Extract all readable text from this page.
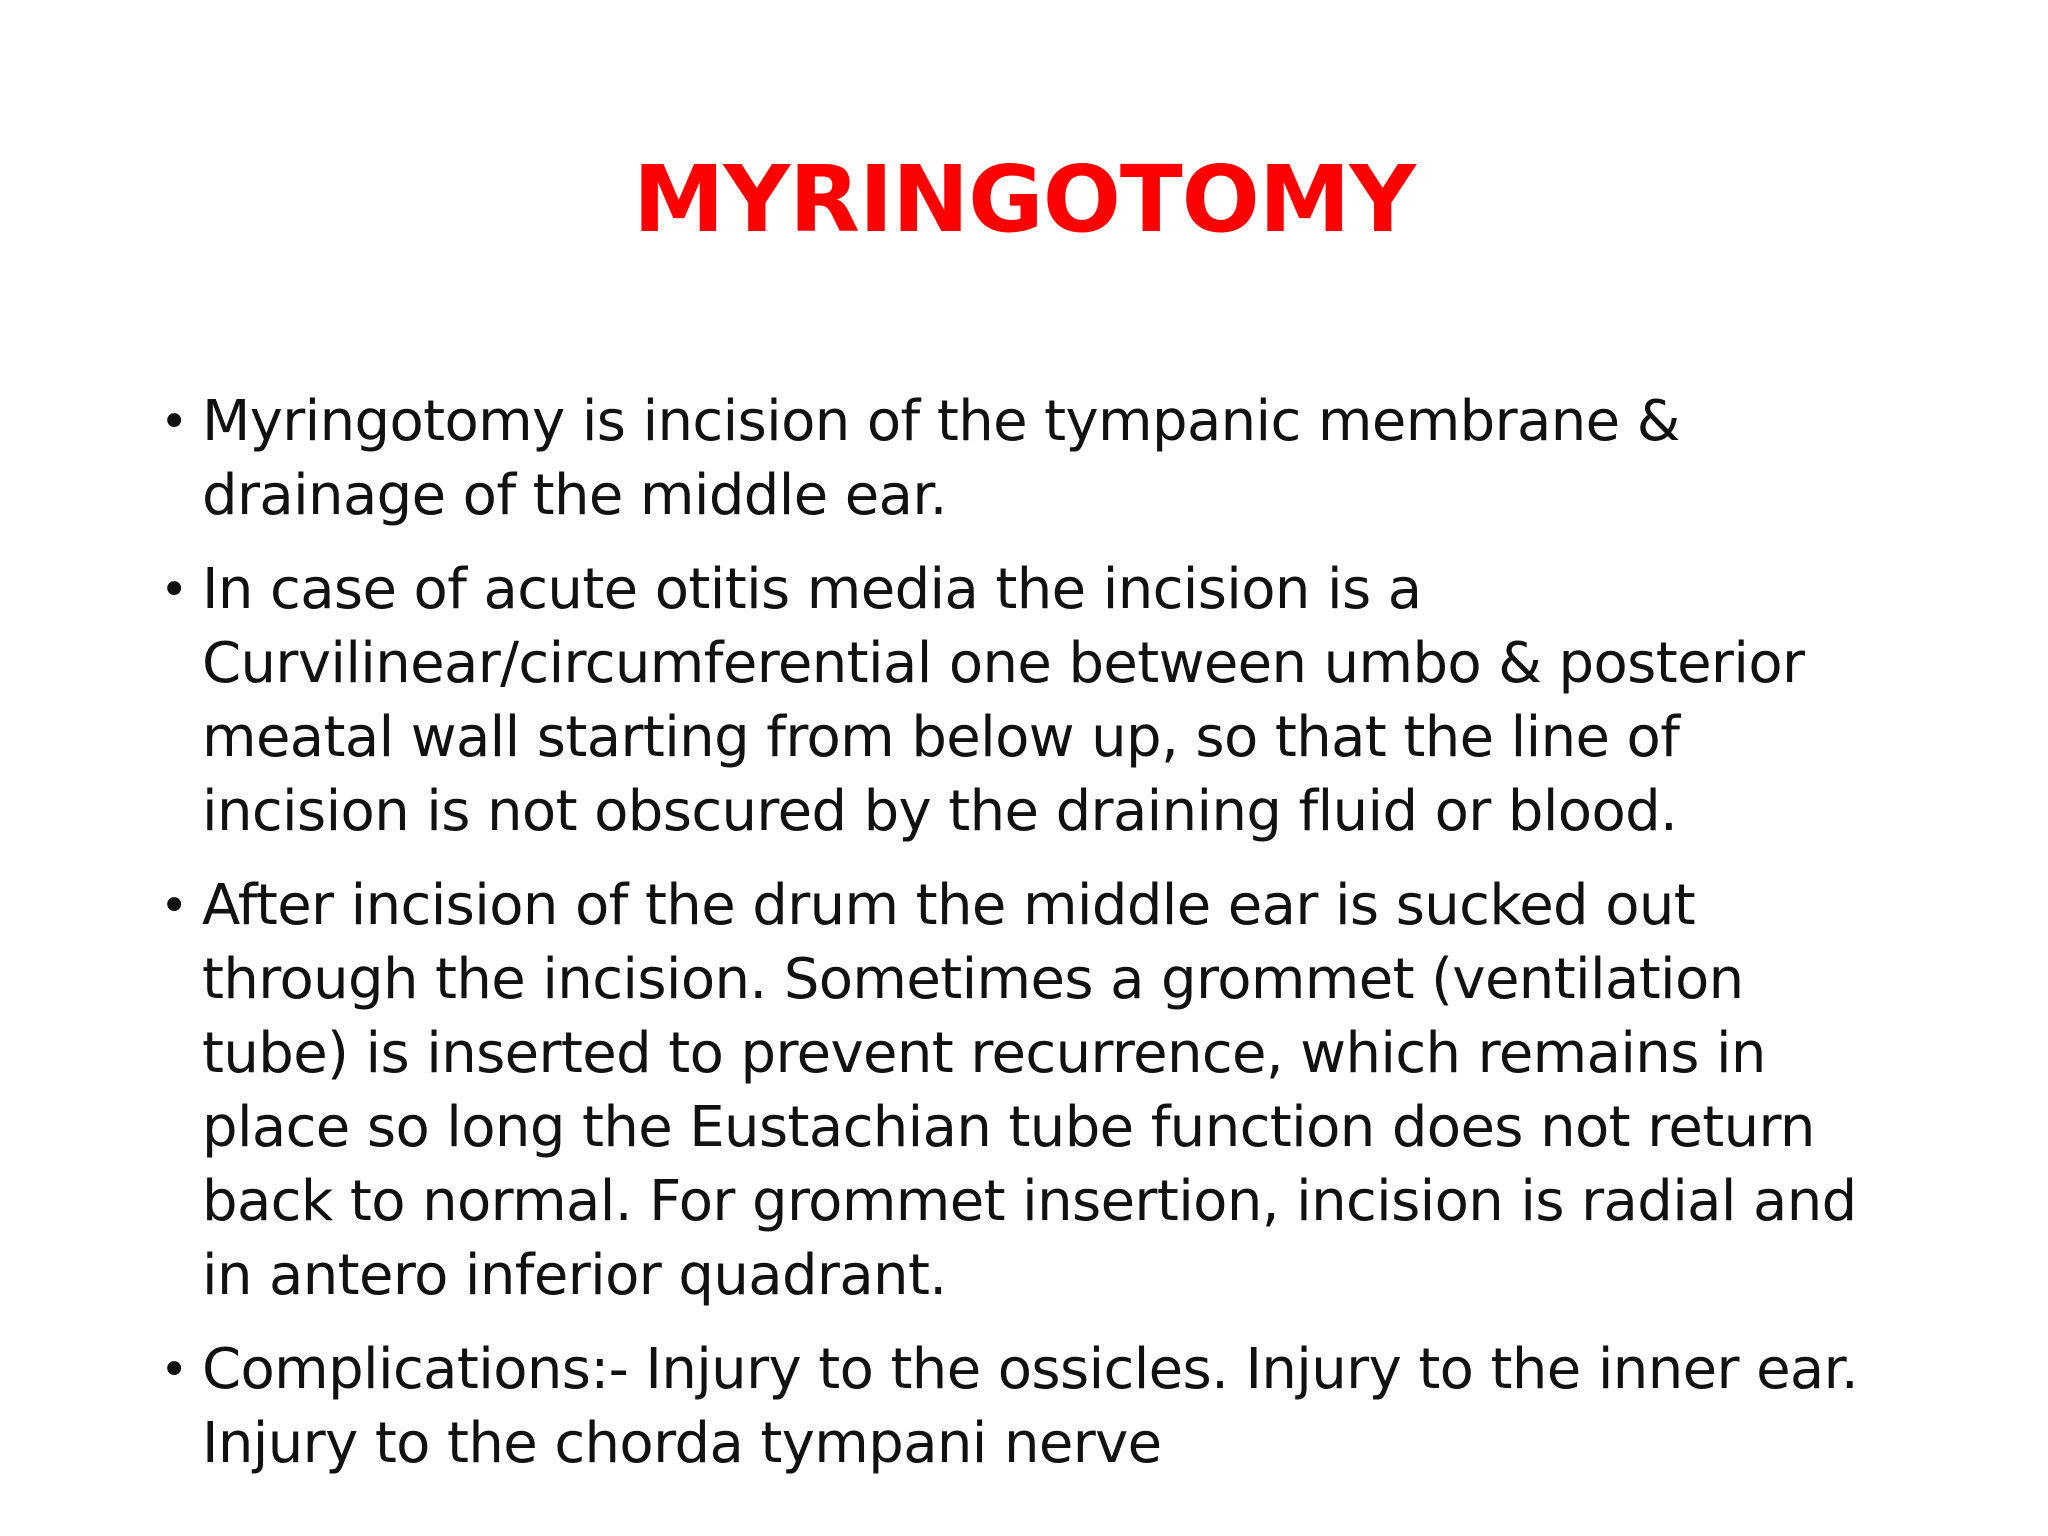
MYRINGOTOMY
• Myringotomy is incision of the tympanic membrane &
drainage of the middle ear.
• In case of acute otitis media the incision is a
Curvilinear/circumferential one between umbo & posterior
meatal wall starting from below up, so that the line of
incision is not obscured by the draining fluid or blood.
• After incision of the drum the middle ear is sucked out
through the incision. Sometimes a grommet (ventilation
tube) is inserted to prevent recurrence, which remains in
place so long the Eustachian tube function does not return
back to normal. For grommet insertion, incision is radial and
in antero inferior quadrant.
• Complications:- Injury to the ossicles. Injury to the inner ear.
Injury to the chorda tympani nerve
